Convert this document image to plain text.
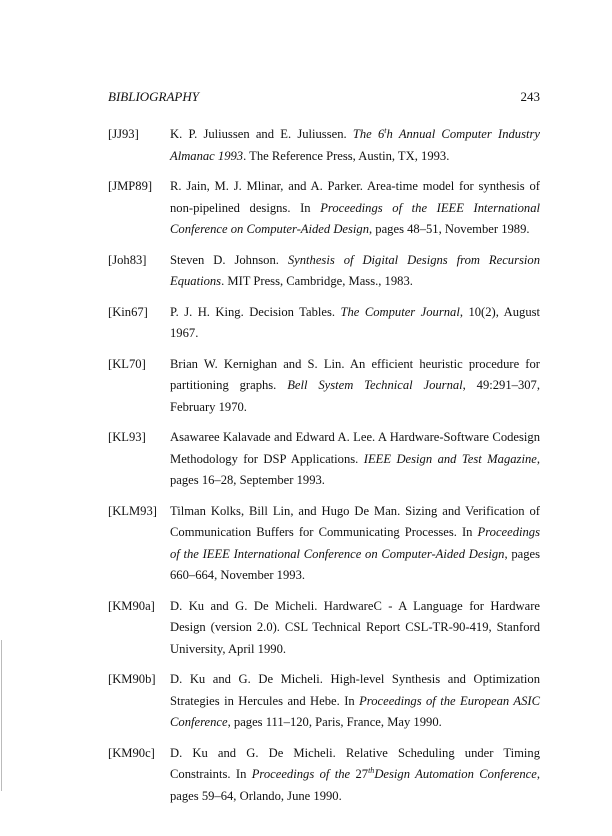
BIBLIOGRAPHY	243
[JJ93] K. P. Juliussen and E. Juliussen. The 6$^t$h Annual Computer Industry Almanac 1993. The Reference Press, Austin, TX, 1993.
[JMP89] R. Jain, M. J. Mlinar, and A. Parker. Area-time model for synthesis of non-pipelined designs. In Proceedings of the IEEE International Conference on Computer-Aided Design, pages 48–51, November 1989.
[Joh83] Steven D. Johnson. Synthesis of Digital Designs from Recursion Equations. MIT Press, Cambridge, Mass., 1983.
[Kin67] P. J. H. King. Decision Tables. The Computer Journal, 10(2), August 1967.
[KL70] Brian W. Kernighan and S. Lin. An efficient heuristic procedure for partitioning graphs. Bell System Technical Journal, 49:291–307, February 1970.
[KL93] Asawaree Kalavade and Edward A. Lee. A Hardware-Software Codesign Methodology for DSP Applications. IEEE Design and Test Magazine, pages 16–28, September 1993.
[KLM93] Tilman Kolks, Bill Lin, and Hugo De Man. Sizing and Verification of Communication Buffers for Communicating Processes. In Proceedings of the IEEE International Conference on Computer-Aided Design, pages 660–664, November 1993.
[KM90a] D. Ku and G. De Micheli. HardwareC - A Language for Hardware Design (version 2.0). CSL Technical Report CSL-TR-90-419, Stanford University, April 1990.
[KM90b] D. Ku and G. De Micheli. High-level Synthesis and Optimization Strategies in Hercules and Hebe. In Proceedings of the European ASIC Conference, pages 111–120, Paris, France, May 1990.
[KM90c] D. Ku and G. De Micheli. Relative Scheduling under Timing Constraints. In Proceedings of the 27thDesign Automation Conference, pages 59–64, Orlando, June 1990.
